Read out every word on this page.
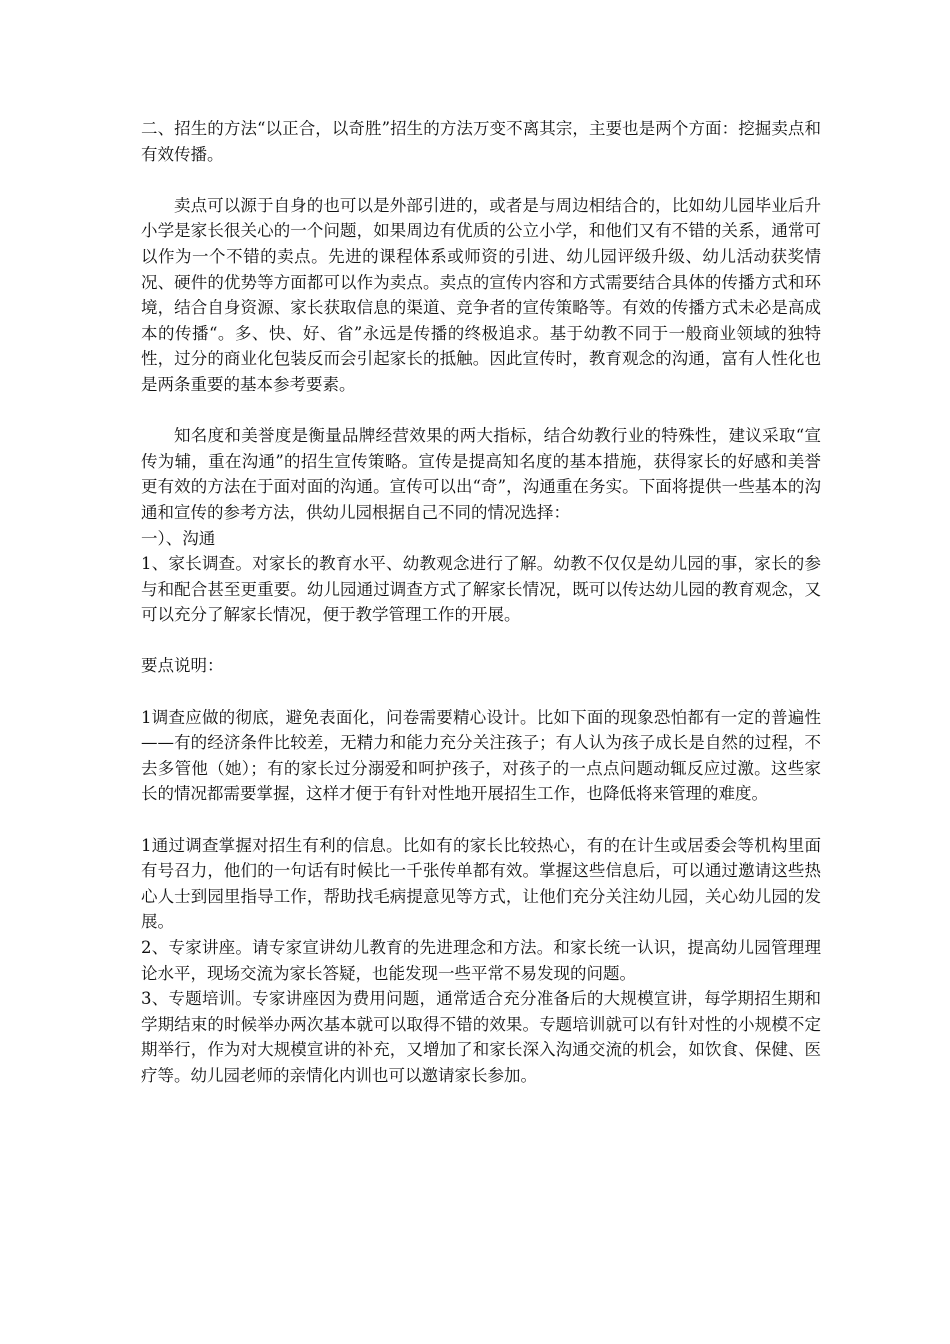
二、招生的方法“以正合，以奇胜”招生的方法万变不离其宗，主要也是两个方面：挖掘卖点和有效传播。

卖点可以源于自身的也可以是外部引进的，或者是与周边相结合的，比如幼儿园毕业后升小学是家长很关心的一个问题，如果周边有优质的公立小学，和他们又有不错的关系，通常可以作为一个不错的卖点。先进的课程体系或师资的引进、幼儿园评级升级、幼儿活动获奖情况、硬件的优势等方面都可以作为卖点。卖点的宣传内容和方式需要结合具体的传播方式和环境，结合自身资源、家长获取信息的渠道、竞争者的宣传策略等。有效的传播方式未必是高成本的传播“。多、快、好、省”永远是传播的终极追求。基于幼教不同于一般商业领域的独特性，过分的商业化包装反而会引起家长的抵触。因此宣传时，教育观念的沟通，富有人性化也是两条重要的基本参考要素。

知名度和美誉度是衡量品牌经营效果的两大指标，结合幼教行业的特殊性，建议采取“宣传为辅，重在沟通”的招生宣传策略。宣传是提高知名度的基本措施，获得家长的好感和美誉更有效的方法在于面对面的沟通。宣传可以出“奇”，沟通重在务实。下面将提供一些基本的沟通和宣传的参考方法，供幼儿园根据自己不同的情况选择：

一）、沟通

1、家长调查。对家长的教育水平、幼教观念进行了解。幼教不仅仅是幼儿园的事，家长的参与和配合甚至更重要。幼儿园通过调查方式了解家长情况，既可以传达幼儿园的教育观念，又可以充分了解家长情况，便于教学管理工作的开展。

要点说明：

1调查应做的彻底，避免表面化，问卷需要精心设计。比如下面的现象恐怕都有一定的普遍性——有的经济条件比较差，无精力和能力充分关注孩子；有人认为孩子成长是自然的过程，不去多管他（她）；有的家长过分溺爱和呵护孩子，对孩子的一点点问题动辄反应过激。这些家长的情况都需要掌握，这样才便于有针对性地开展招生工作，也降低将来管理的难度。

1通过调查掌握对招生有利的信息。比如有的家长比较热心，有的在计生或居委会等机构里面有号召力，他们的一句话有时候比一千张传单都有效。掌握这些信息后，可以通过邀请这些热心人士到园里指导工作，帮助找毛病提意见等方式，让他们充分关注幼儿园，关心幼儿园的发展。

2、专家讲座。请专家宣讲幼儿教育的先进理念和方法。和家长统一认识，提高幼儿园管理理论水平，现场交流为家长答疑，也能发现一些平常不易发现的问题。

3、专题培训。专家讲座因为费用问题，通常适合充分准备后的大规模宣讲，每学期招生期和学期结束的时候举办两次基本就可以取得不错的效果。专题培训就可以有针对性的小规模不定期举行，作为对大规模宣讲的补充，又增加了和家长深入沟通交流的机会，如饮食、保健、医疗等。幼儿园老师的亲情化内训也可以邀请家长参加。
